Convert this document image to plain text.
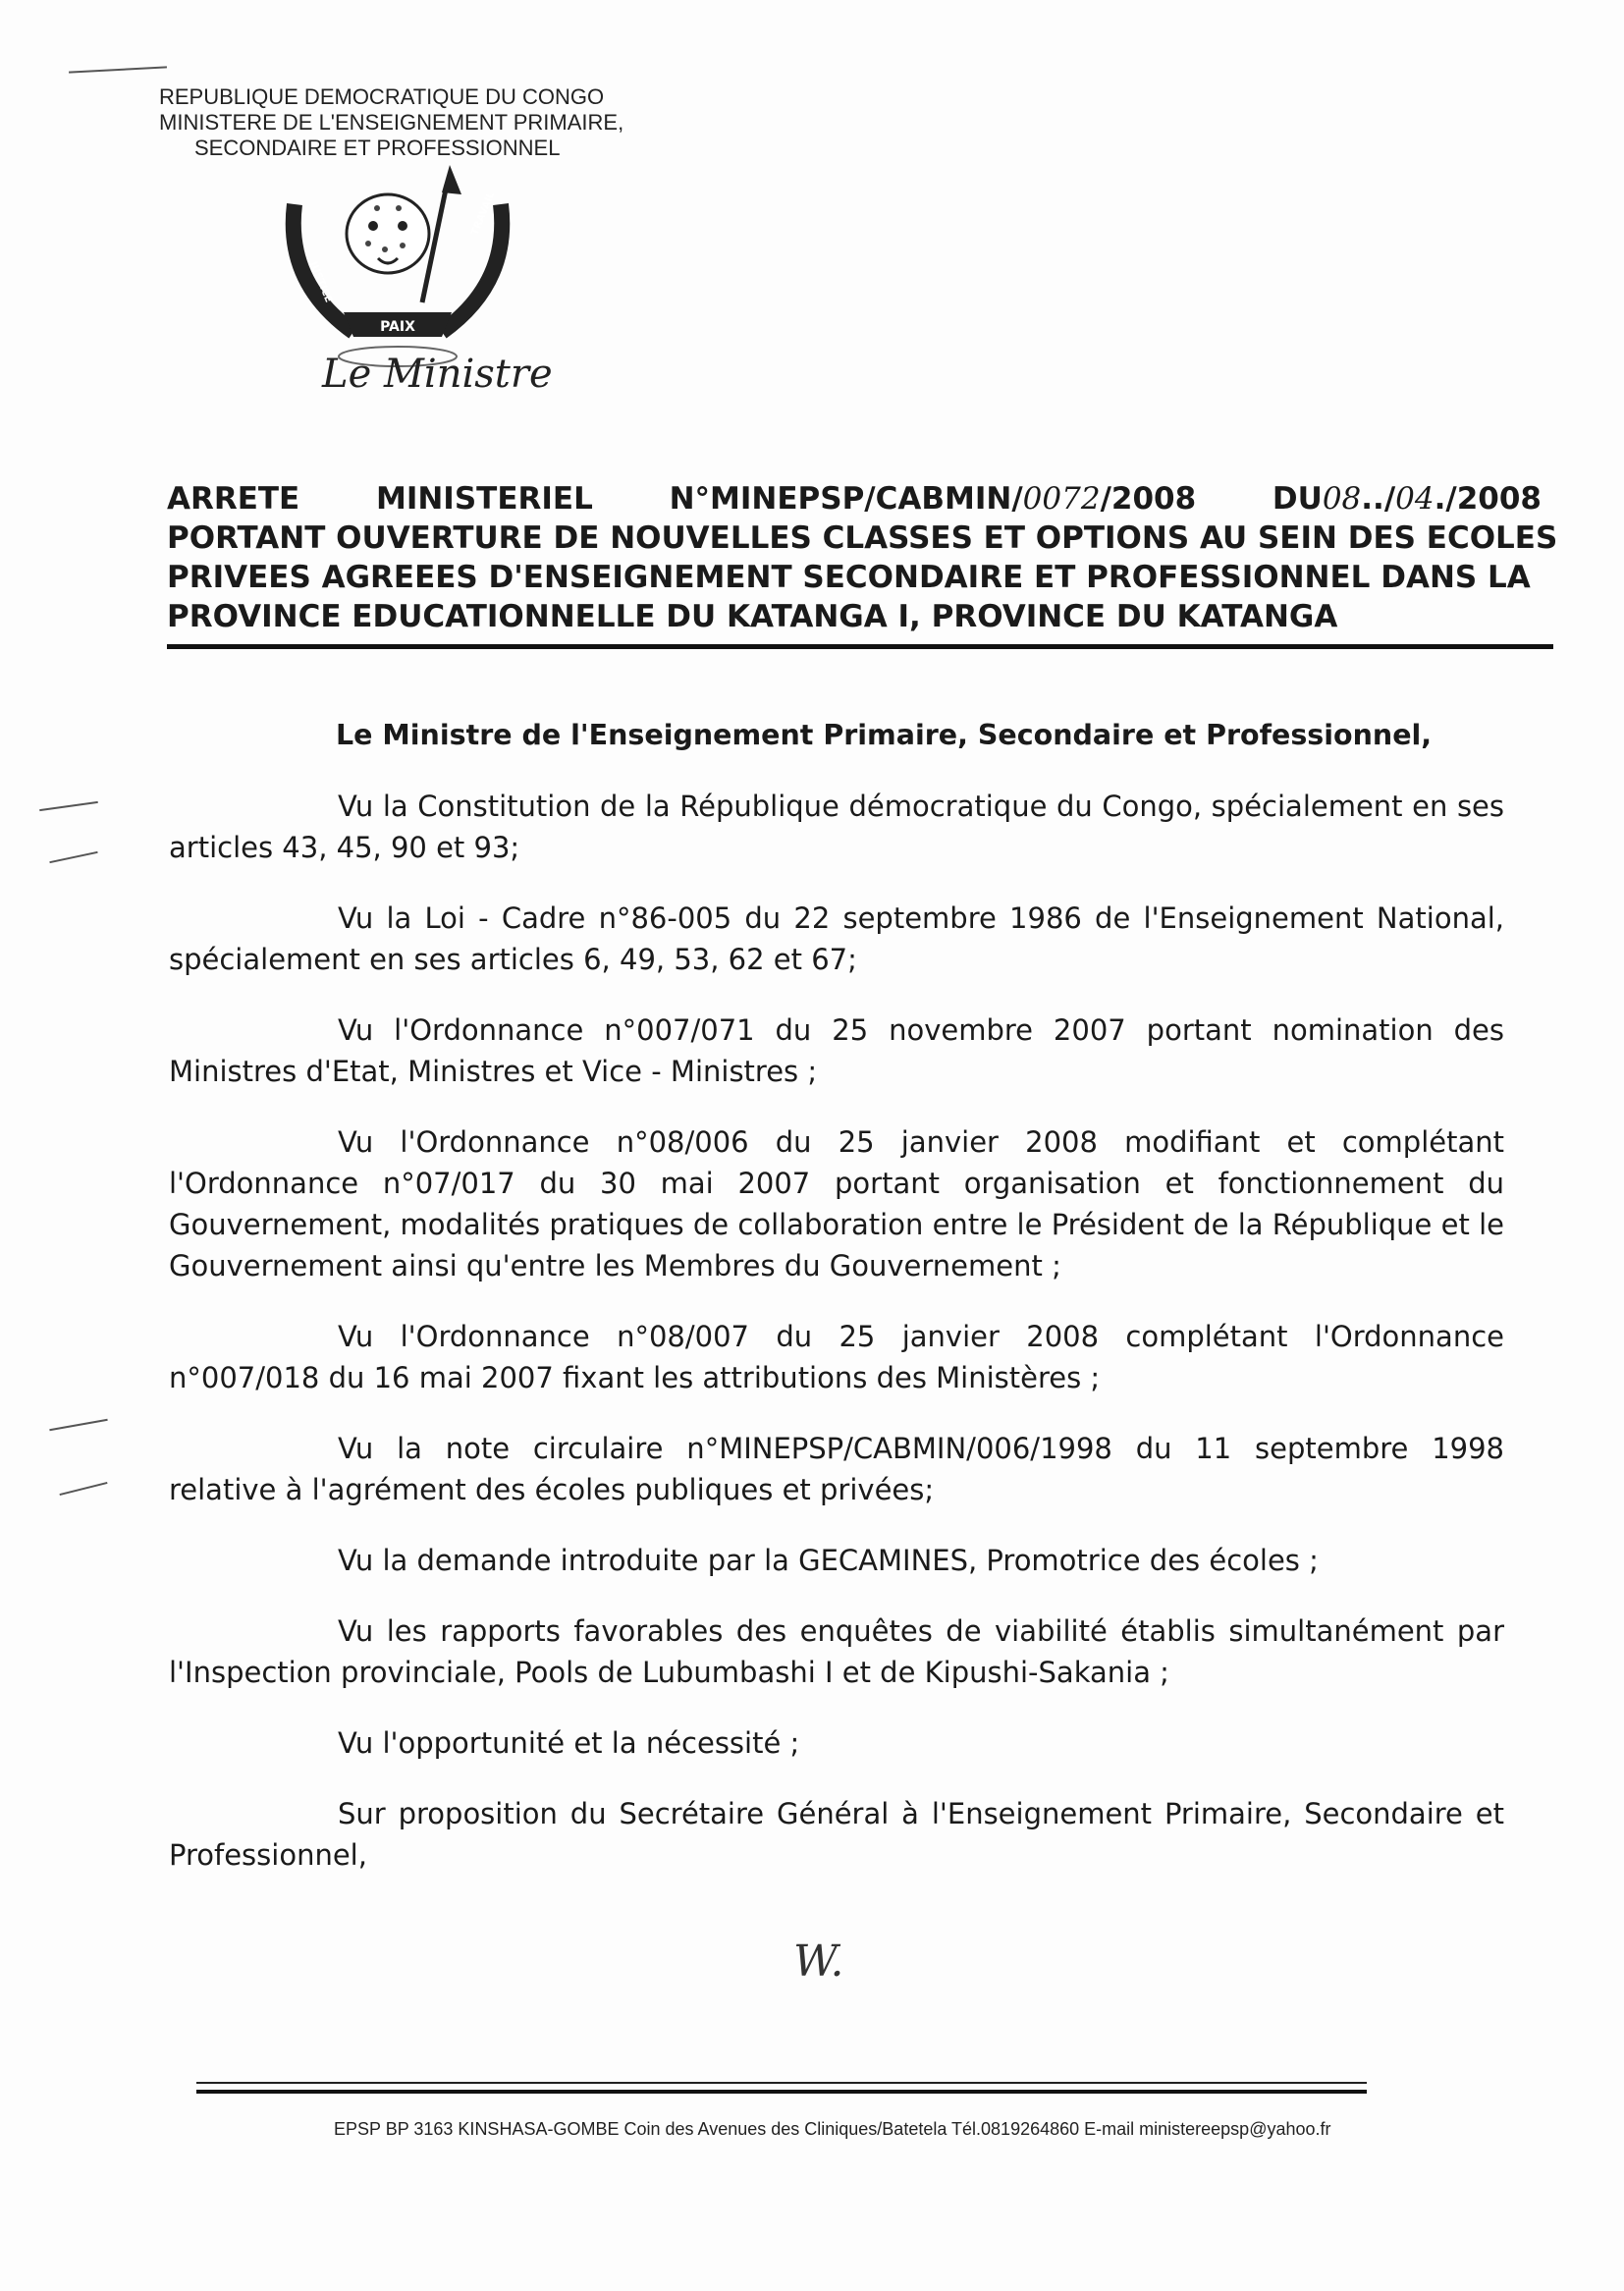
REPUBLIQUE DEMOCRATIQUE DU CONGO
MINISTERE DE L'ENSEIGNEMENT PRIMAIRE,
SECONDAIRE ET PROFESSIONNEL
PAIX
JUSTICE
TRAVAIL
Le Ministre
ARRETE	MINISTERIEL	N°MINEPSP/CABMIN/0072/2008	DU08../04./2008
PORTANT OUVERTURE DE NOUVELLES CLASSES ET OPTIONS AU SEIN DES ECOLES
PRIVEES AGREEES D'ENSEIGNEMENT SECONDAIRE ET PROFESSIONNEL DANS LA
PROVINCE EDUCATIONNELLE DU KATANGA I, PROVINCE DU KATANGA
Le Ministre de l'Enseignement Primaire, Secondaire et Professionnel,
Vu la Constitution de la République démocratique du Congo, spécialement en ses articles 43, 45, 90 et 93;
Vu la Loi - Cadre n°86-005 du 22 septembre 1986 de l'Enseignement National, spécialement en ses articles 6, 49, 53, 62 et 67;
Vu l'Ordonnance n°007/071 du 25 novembre 2007 portant nomination des Ministres d'Etat, Ministres et Vice - Ministres ;
Vu l'Ordonnance n°08/006 du 25 janvier 2008 modifiant et complétant l'Ordonnance n°07/017 du 30 mai 2007 portant organisation et fonctionnement du Gouvernement, modalités pratiques de collaboration entre le Président de la République et le Gouvernement ainsi qu'entre les Membres du Gouvernement ;
Vu l'Ordonnance n°08/007 du 25 janvier 2008 complétant l'Ordonnance n°007/018 du 16 mai 2007 fixant les attributions des Ministères ;
Vu la note circulaire n°MINEPSP/CABMIN/006/1998 du 11 septembre 1998 relative à l'agrément des écoles publiques et privées;
Vu la demande introduite par la GECAMINES, Promotrice des écoles ;
Vu les rapports favorables des enquêtes de viabilité établis simultanément par l'Inspection provinciale, Pools de Lubumbashi I et de Kipushi-Sakania ;
Vu l'opportunité et la nécessité ;
Sur proposition du Secrétaire Général à l'Enseignement Primaire, Secondaire et Professionnel,
W.
EPSP BP 3163 KINSHASA-GOMBE Coin des Avenues des Cliniques/Batetela Tél.0819264860 E-mail ministereepsp@yahoo.fr
